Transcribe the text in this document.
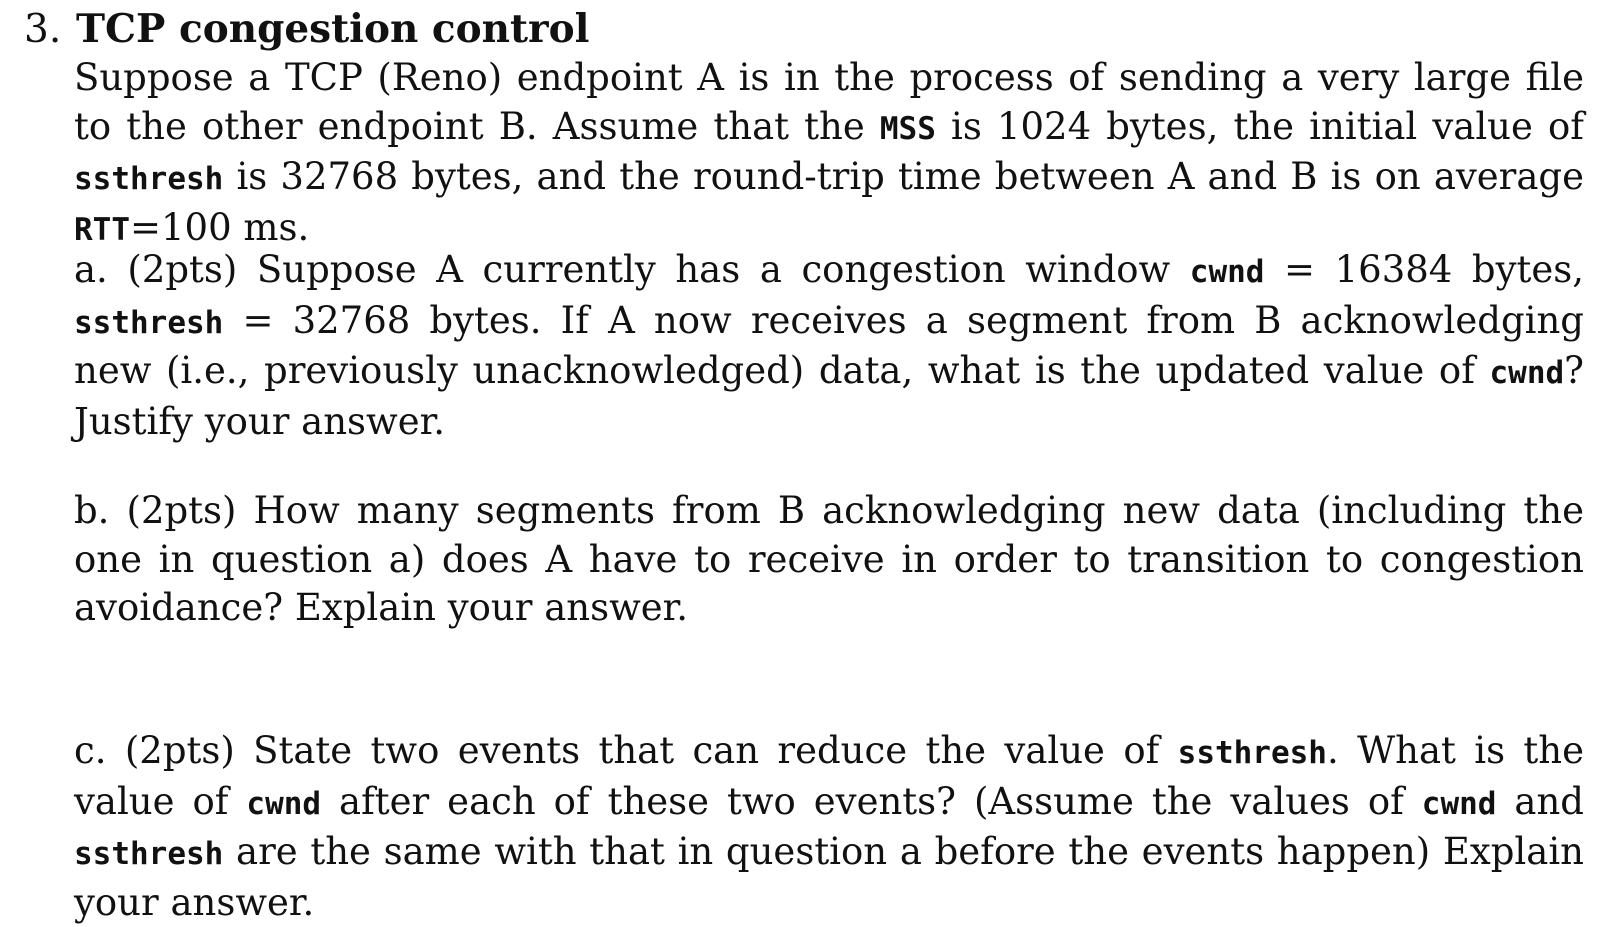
3. TCP congestion control
Suppose a TCP (Reno) endpoint A is in the process of sending a very large file to the other endpoint B. Assume that the MSS is 1024 bytes, the initial value of ssthresh is 32768 bytes, and the round-trip time between A and B is on average RTT=100 ms.
a. (2pts) Suppose A currently has a congestion window cwnd = 16384 bytes, ssthresh = 32768 bytes. If A now receives a segment from B acknowledging new (i.e., previously unacknowledged) data, what is the updated value of cwnd? Justify your answer.
b. (2pts) How many segments from B acknowledging new data (including the one in question a) does A have to receive in order to transition to congestion avoidance? Explain your answer.
c. (2pts) State two events that can reduce the value of ssthresh. What is the value of cwnd after each of these two events? (Assume the values of cwnd and ssthresh are the same with that in question a before the events happen) Explain your answer.
